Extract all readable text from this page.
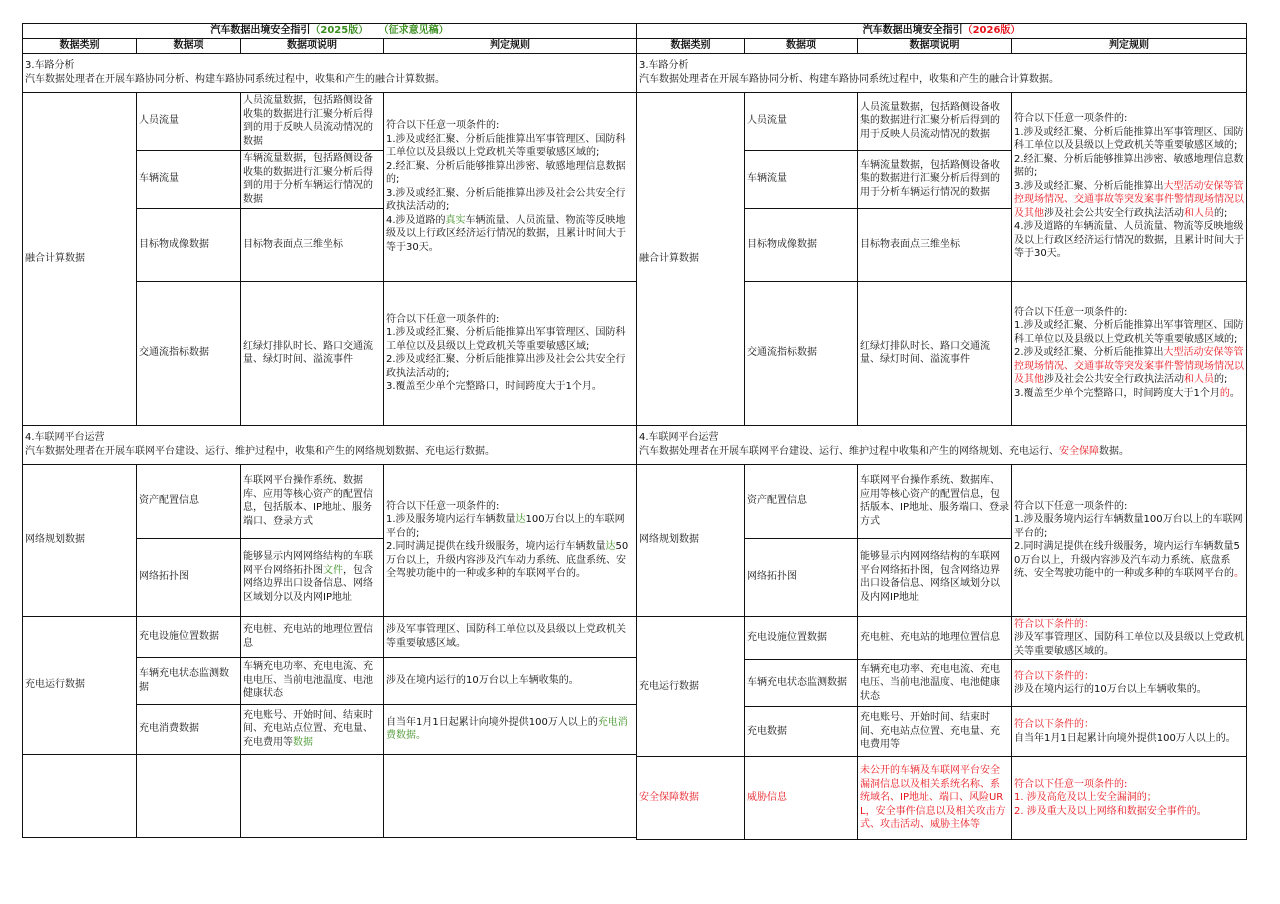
汽车数据出境安全指引（2025版） （征求意见稿）			
数据类别	数据项	数据项说明	判定规则

3.车路分析
汽车数据处理者在开展车路协同分析、构建车路协同系统过程中，收集和产生的融合计算数据。			

融合计算数据	人员流量	人员流量数据，包括路侧设备收集的数据进行汇聚分析后得到的用于反映人员流动情况的数据	符合以下任意一项条件的:
1.涉及或经汇聚、分析后能推算出军事管理区、国防科工单位以及县级以上党政机关等重要敏感区域的;
2.经汇聚、分析后能够推算出涉密、敏感地理信息数据的;
3.涉及或经汇聚、分析后能推算出涉及社会公共安全行政执法活动的;
4.涉及道路的真实车辆流量、人员流量、物流等反映地级及以上行政区经济运行情况的数据，且累计时间大于等于30天。

	车辆流量	车辆流量数据，包括路侧设备收集的数据进行汇聚分析后得到的用于分析车辆运行情况的数据	
	目标物成像数据	目标物表面点三维坐标	
	交通流指标数据	红绿灯排队时长、路口交通流量、绿灯时间、溢流事件	符合以下任意一项条件的:
1.涉及或经汇聚、分析后能推算出军事管理区、国防科工单位以及县级以上党政机关等重要敏感区域;
2.涉及或经汇聚、分析后能推算出涉及社会公共安全行政执法活动的;
3.覆盖至少单个完整路口，时间跨度大于1个月。

4.车联网平台运营
汽车数据处理者在开展车联网平台建设、运行、维护过程中，收集和产生的网络规划数据、充电运行数据。			

网络规划数据	资产配置信息	车联网平台操作系统、数据库、应用等核心资产的配置信息，包括版本、IP地址、服务端口、登录方式	符合以下任意一项条件的:
1.涉及服务境内运行车辆数量达100万台以上的车联网平台的;
2.同时满足提供在线升级服务，境内运行车辆数量达50万台以上，升级内容涉及汽车动力系统、底盘系统、安全驾驶功能中的一种或多种的车联网平台的。

	网络拓扑图	能够显示内网网络结构的车联网平台网络拓扑图文件，包含网络边界出口设备信息、网络区域划分以及内网IP地址	
充电运行数据	充电设施位置数据	充电桩、充电站的地理位置信息	涉及军事管理区、国防科工单位以及县级以上党政机关等重要敏感区域。
	车辆充电状态监测数据	车辆充电功率、充电电流、充电电压、当前电池温度、电池健康状态	涉及在境内运行的10万台以上车辆收集的。
	充电消费数据	充电账号、开始时间、结束时间、充电站点位置、充电量、充电费用等数据	自当年1月1日起累计向境外提供100万人以上的充电消费数据。

汽车数据出境安全指引（2026版）			
数据类别	数据项	数据项说明	判定规则

3.车路分析
汽车数据处理者在开展车路协同分析、构建车路协同系统过程中，收集和产生的融合计算数据。			

融合计算数据	人员流量	人员流量数据，包括路侧设备收集的数据进行汇聚分析后得到的用于反映人员流动情况的数据	符合以下任意一项条件的:
1.涉及或经汇聚、分析后能推算出军事管理区、国防科工单位以及县级以上党政机关等重要敏感区域的;
2.经汇聚、分析后能够推算出涉密、敏感地理信息数据的;
3.涉及或经汇聚、分析后能推算出大型活动安保等管控现场情况、交通事故等突发案事件警情现场情况以及其他涉及社会公共安全行政执法活动和人员的;
4.涉及道路的车辆流量、人员流量、物流等反映地级及以上行政区经济运行情况的数据，且累计时间大于等于30天。

	车辆流量	车辆流量数据，包括路侧设备收集的数据进行汇聚分析后得到的用于分析车辆运行情况的数据	
	目标物成像数据	目标物表面点三维坐标	
	交通流指标数据	红绿灯排队时长、路口交通流量、绿灯时间、溢流事件	符合以下任意一项条件的:
1.涉及或经汇聚、分析后能推算出军事管理区、国防科工单位以及县级以上党政机关等重要敏感区域的;
2.涉及或经汇聚、分析后能推算出大型活动安保等管控现场情况、交通事故等突发案事件警情现场情况以及其他涉及社会公共安全行政执法活动和人员的;
3.覆盖至少单个完整路口，时间跨度大于1个月的。

4.车联网平台运营
汽车数据处理者在开展车联网平台建设、运行、维护过程中收集和产生的网络规划、充电运行、安全保障数据。			

网络规划数据	资产配置信息	车联网平台操作系统、数据库、应用等核心资产的配置信息，包括版本、IP地址、服务端口、登录方式	符合以下任意一项条件的:
1.涉及服务境内运行车辆数量100万台以上的车联网平台的;
2.同时满足提供在线升级服务，境内运行车辆数量50万台以上，升级内容涉及汽车动力系统、底盘系统、安全驾驶功能中的一种或多种的车联网平台的。

	网络拓扑图	能够显示内网网络结构的车联网平台网络拓扑图，包含网络边界出口设备信息、网络区域划分以及内网IP地址	
充电运行数据	充电设施位置数据	充电桩、充电站的地理位置信息	符合以下条件的：
涉及军事管理区、国防科工单位以及县级以上党政机关等重要敏感区域的。

	车辆充电状态监测数据	车辆充电功率、充电电流、充电电压、当前电池温度、电池健康状态	符合以下条件的：
涉及在境内运行的10万台以上车辆收集的。

	充电数据	充电账号、开始时间、结束时间、充电站点位置、充电量、充电费用等	符合以下条件的：
自当年1月1日起累计向境外提供100万人以上的。

安全保障数据	威胁信息	未公开的车辆及车联网平台安全漏洞信息以及相关系统名称、系统域名、IP地址、端口、风险URL，安全事件信息以及相关攻击方式、攻击活动、威胁主体等	符合以下任意一项条件的:
1. 涉及高危及以上安全漏洞的；
2. 涉及重大及以上网络和数据安全事件的。
